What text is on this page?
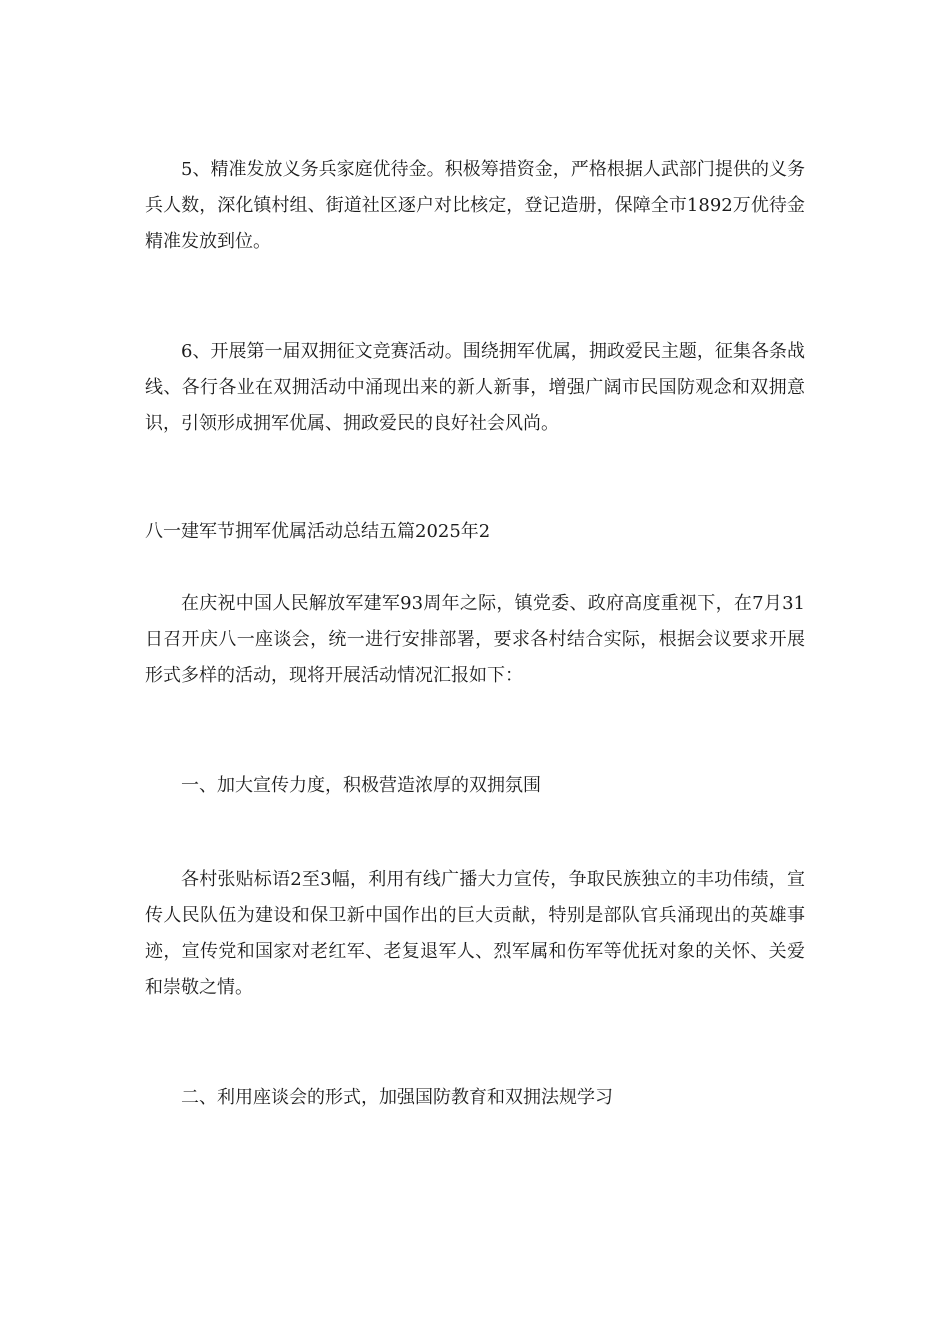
5、精准发放义务兵家庭优待金。积极筹措资金，严格根据人武部门提供的义务兵人数，深化镇村组、街道社区逐户对比核定，登记造册，保障全市1892万优待金精准发放到位。

6、开展第一届双拥征文竞赛活动。围绕拥军优属，拥政爱民主题，征集各条战线、各行各业在双拥活动中涌现出来的新人新事，增强广阔市民国防观念和双拥意识，引领形成拥军优属、拥政爱民的良好社会风尚。

八一建军节拥军优属活动总结五篇2025年2

在庆祝中国人民解放军建军93周年之际，镇党委、政府高度重视下，在7月31日召开庆八一座谈会，统一进行安排部署，要求各村结合实际，根据会议要求开展形式多样的活动，现将开展活动情况汇报如下：

一、加大宣传力度，积极营造浓厚的双拥氛围

各村张贴标语2至3幅，利用有线广播大力宣传，争取民族独立的丰功伟绩，宣传人民队伍为建设和保卫新中国作出的巨大贡献，特别是部队官兵涌现出的英雄事迹，宣传党和国家对老红军、老复退军人、烈军属和伤军等优抚对象的关怀、关爱和崇敬之情。

二、利用座谈会的形式，加强国防教育和双拥法规学习
